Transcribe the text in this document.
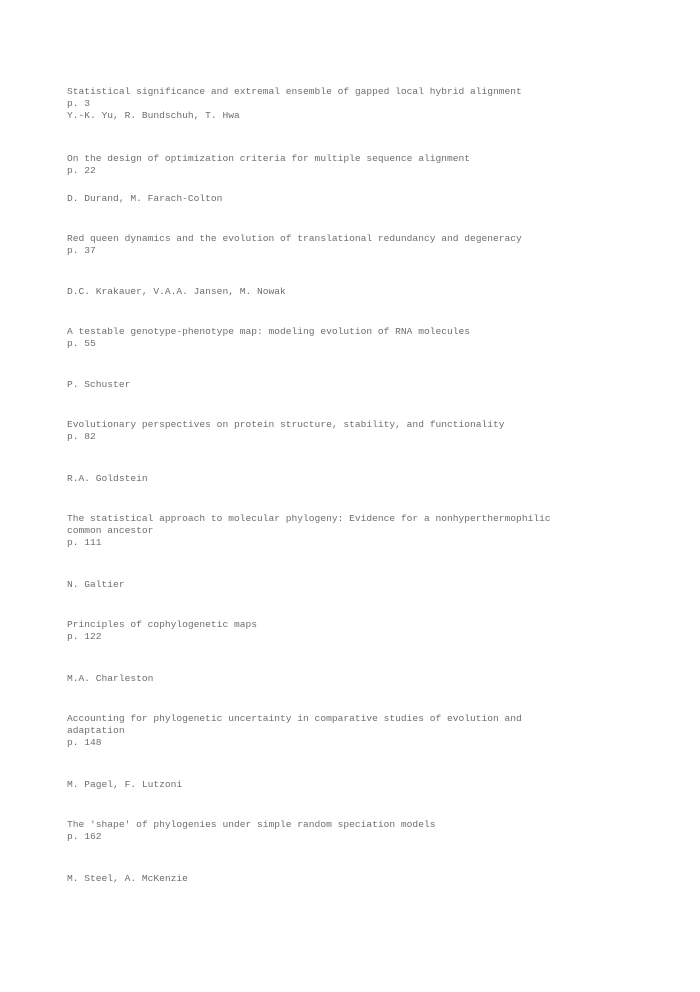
Statistical significance and extremal ensemble of gapped local hybrid alignment
p. 3
Y.-K. Yu, R. Bundschuh, T. Hwa
On the design of optimization criteria for multiple sequence alignment
p. 22
D. Durand, M. Farach-Colton
Red queen dynamics and the evolution of translational redundancy and degeneracy
p. 37
D.C. Krakauer, V.A.A. Jansen, M. Nowak
A testable genotype-phenotype map: modeling evolution of RNA molecules
p. 55
P. Schuster
Evolutionary perspectives on protein structure, stability, and functionality
p. 82
R.A. Goldstein
The statistical approach to molecular phylogeny: Evidence for a nonhyperthermophilic
common ancestor
p. 111
N. Galtier
Principles of cophylogenetic maps
p. 122
M.A. Charleston
Accounting for phylogenetic uncertainty in comparative studies of evolution and
adaptation
p. 148
M. Pagel, F. Lutzoni
The 'shape' of phylogenies under simple random speciation models
p. 162
M. Steel, A. McKenzie
